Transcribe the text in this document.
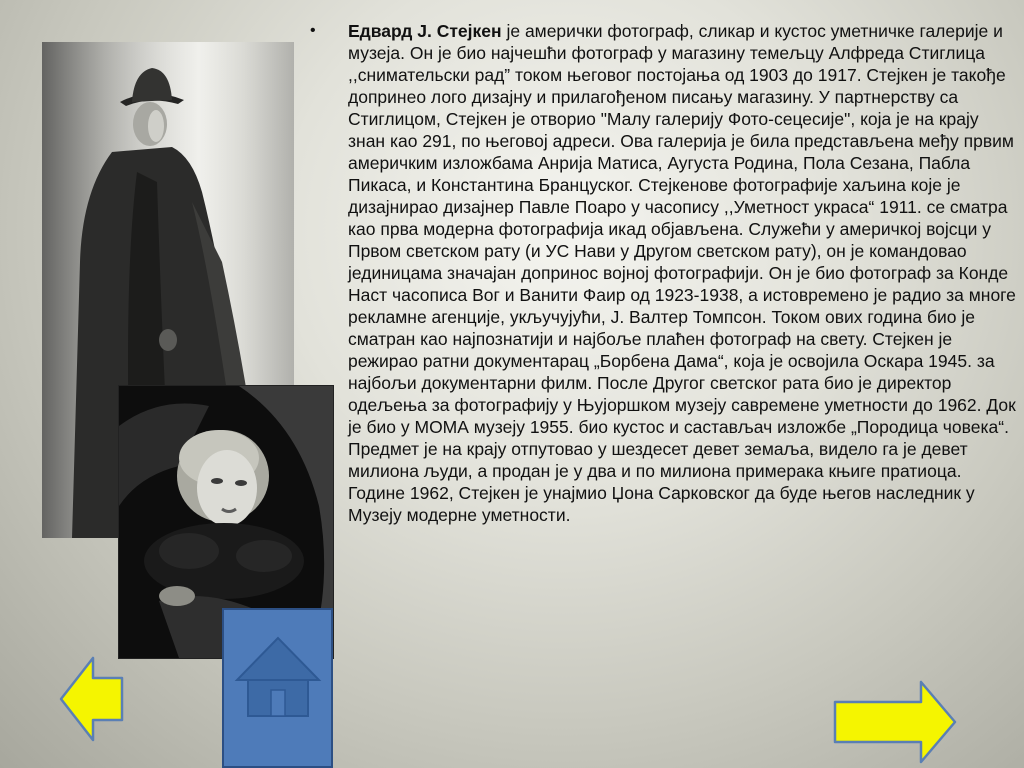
• Едвард Ј. Стејкен је амерички фотограф, сликар и кустос уметничке галерије и музеја. Он је био најчешћи фотограф у магазину темељцу Алфреда Стиглица ,,снимательски рад” током његовог постојања од 1903 до 1917. Стејкен је такође допринео лого дизајну и прилагођеном писању магазину. У партнерству са Стиглицом, Стејкен је отворио "Малу галерију Фото-сецесије", која је на крају знан као 291, по његовој адреси. Ова галерија је била представљена међу првим америчким изложбама Анрија Матиса, Аугуста Родина, Пола Сезана, Пабла Пикаса, и Константина Бранцуског. Стејкенове фотографије хаљина које је дизајнирао дизајнер Павле Поаро у часопису ,,Уметност украса“ 1911. се сматра као прва модерна фотографија икад објављена. Служећи у америчкој војсци у Првом светском рату (и УС Нави у Другом светском рату), он је командовао јединицама значајан допринос војној фотографији. Он је био фотограф за Конде Наст часописа Вог и Ванити Фаир од 1923-1938, а истовремено је радио за многе рекламне агенције, укључујући, Ј. Валтер Томпсон. Током ових година био је сматран као најпознатији и најбоље плаћен фотограф на свету. Стејкен је режирао ратни документарац „Борбена Дама“, која је освојила Оскара 1945. за најбољи документарни филм. После Другог светског рата био је директор одељења за фотографију у Њујоршком музеју савремене уметности до 1962. Док је био у МОМА музеју 1955. био кустос и састављач изложбе „Породица човека“. Предмет је на крају отпутовао у шездесет девет земаља, видело га је девет милиона људи, а продан је у два и по милиона примерака књиге пратиоца. Године 1962, Стејкен је унајмио Џона Сарковског да буде његов наследник у Музеју модерне уметности.
